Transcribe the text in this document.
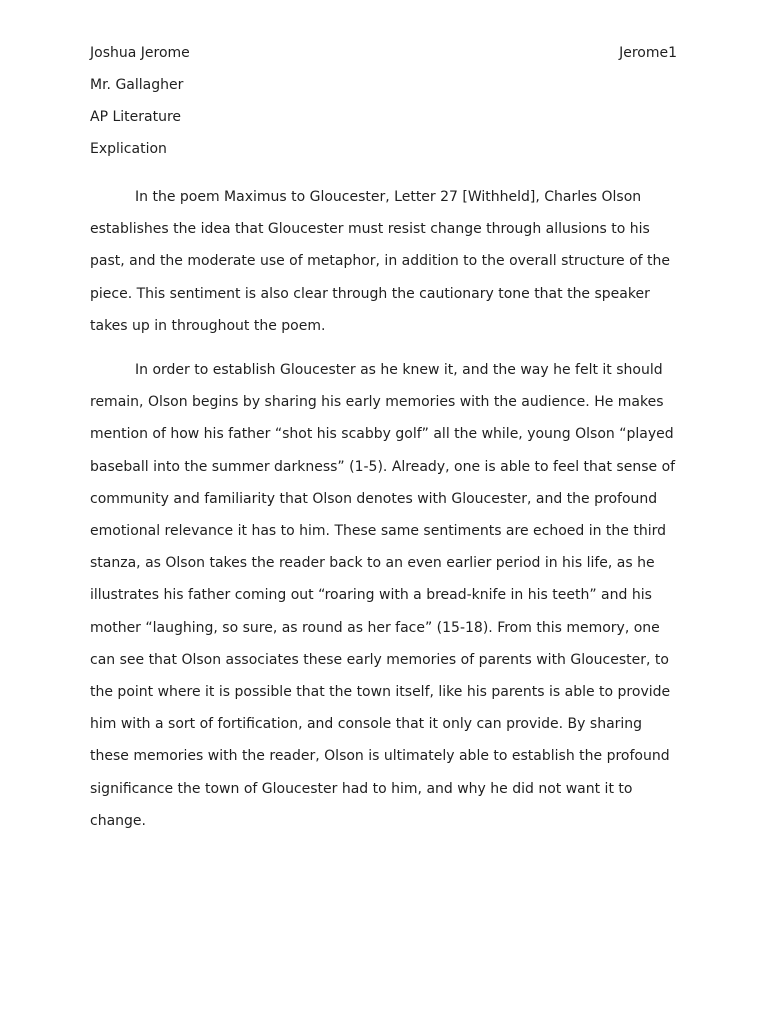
Jerome1
Joshua Jerome
Mr. Gallagher
AP Literature
Explication

In the poem Maximus to Gloucester, Letter 27 [Withheld], Charles Olson establishes the idea that Gloucester must resist change through allusions to his past, and the moderate use of metaphor, in addition to the overall structure of the piece. This sentiment is also clear through the cautionary tone that the speaker takes up in throughout the poem.

In order to establish Gloucester as he knew it, and the way he felt it should remain, Olson begins by sharing his early memories with the audience. He makes mention of how his father “shot his scabby golf” all the while, young Olson “played baseball into the summer darkness” (1-5). Already, one is able to feel that sense of community and familiarity that Olson denotes with Gloucester, and the profound emotional relevance it has to him. These same sentiments are echoed in the third stanza, as Olson takes the reader back to an even earlier period in his life, as he illustrates his father coming out “roaring with a bread-knife in his teeth” and his mother “laughing, so sure, as round as her face” (15-18). From this memory, one can see that Olson associates these early memories of parents with Gloucester, to the point where it is possible that the town itself, like his parents is able to provide him with a sort of fortification, and console that it only can provide. By sharing these memories with the reader, Olson is ultimately able to establish the profound significance the town of Gloucester had to him, and why he did not want it to change.
